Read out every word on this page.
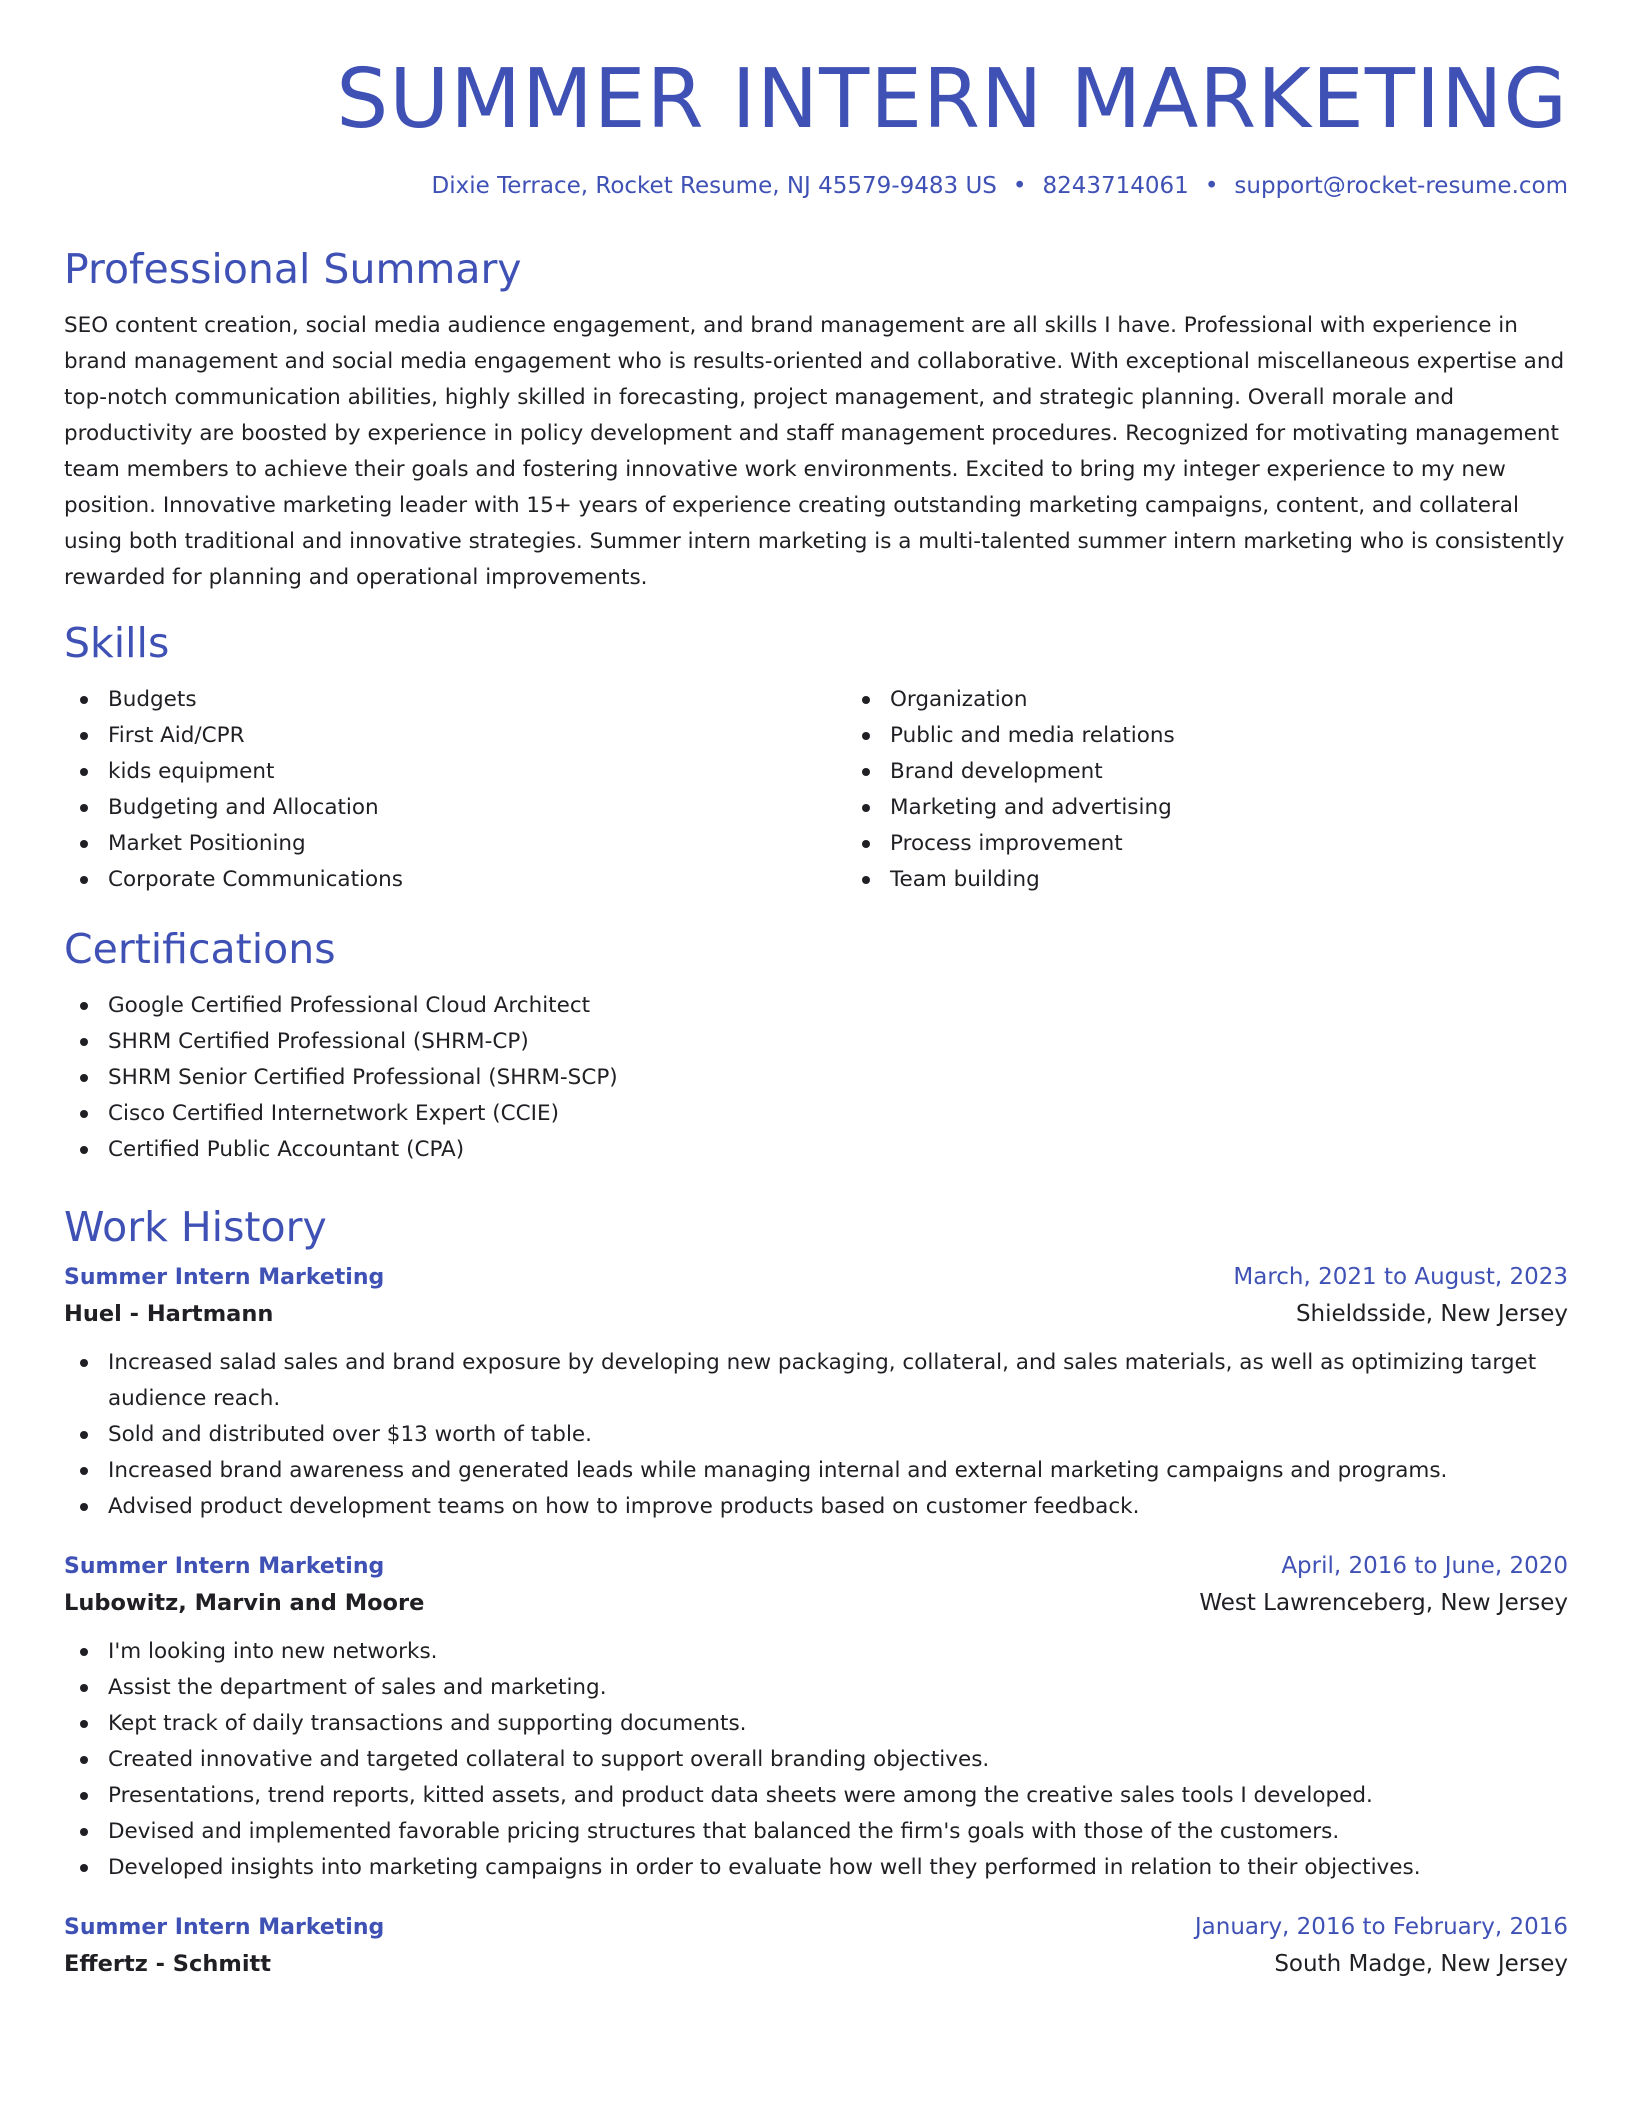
SUMMER INTERN MARKETING
Dixie Terrace, Rocket Resume, NJ 45579-9483 US • 8243714061 • support@rocket-resume.com
Professional Summary

SEO content creation, social media audience engagement, and brand management are all skills I have. Professional with experience in brand management and social media engagement who is results-oriented and collaborative. With exceptional miscellaneous expertise and top-notch communication abilities, highly skilled in forecasting, project management, and strategic planning. Overall morale and productivity are boosted by experience in policy development and staff management procedures. Recognized for motivating management team members to achieve their goals and fostering innovative work environments. Excited to bring my integer experience to my new position. Innovative marketing leader with 15+ years of experience creating outstanding marketing campaigns, content, and collateral using both traditional and innovative strategies. Summer intern marketing is a multi-talented summer intern marketing who is consistently rewarded for planning and operational improvements.

Skills
Budgets
First Aid/CPR
kids equipment
Budgeting and Allocation
Market Positioning
Corporate Communications
Organization
Public and media relations
Brand development
Marketing and advertising
Process improvement
Team building
Certifications
Google Certified Professional Cloud Architect
SHRM Certified Professional (SHRM-CP)
SHRM Senior Certified Professional (SHRM-SCP)
Cisco Certified Internetwork Expert (CCIE)
Certified Public Accountant (CPA)
Work History
Summer Intern Marketing	March, 2021 to August, 2023
Huel - Hartmann	Shieldsside, New Jersey
Increased salad sales and brand exposure by developing new packaging, collateral, and sales materials, as well as optimizing target audience reach.
Sold and distributed over $13 worth of table.
Increased brand awareness and generated leads while managing internal and external marketing campaigns and programs.
Advised product development teams on how to improve products based on customer feedback.
Summer Intern Marketing	April, 2016 to June, 2020
Lubowitz, Marvin and Moore	West Lawrenceberg, New Jersey
I'm looking into new networks.
Assist the department of sales and marketing.
Kept track of daily transactions and supporting documents.
Created innovative and targeted collateral to support overall branding objectives.
Presentations, trend reports, kitted assets, and product data sheets were among the creative sales tools I developed.
Devised and implemented favorable pricing structures that balanced the firm's goals with those of the customers.
Developed insights into marketing campaigns in order to evaluate how well they performed in relation to their objectives.
Summer Intern Marketing	January, 2016 to February, 2016
Effertz - Schmitt	South Madge, New Jersey
